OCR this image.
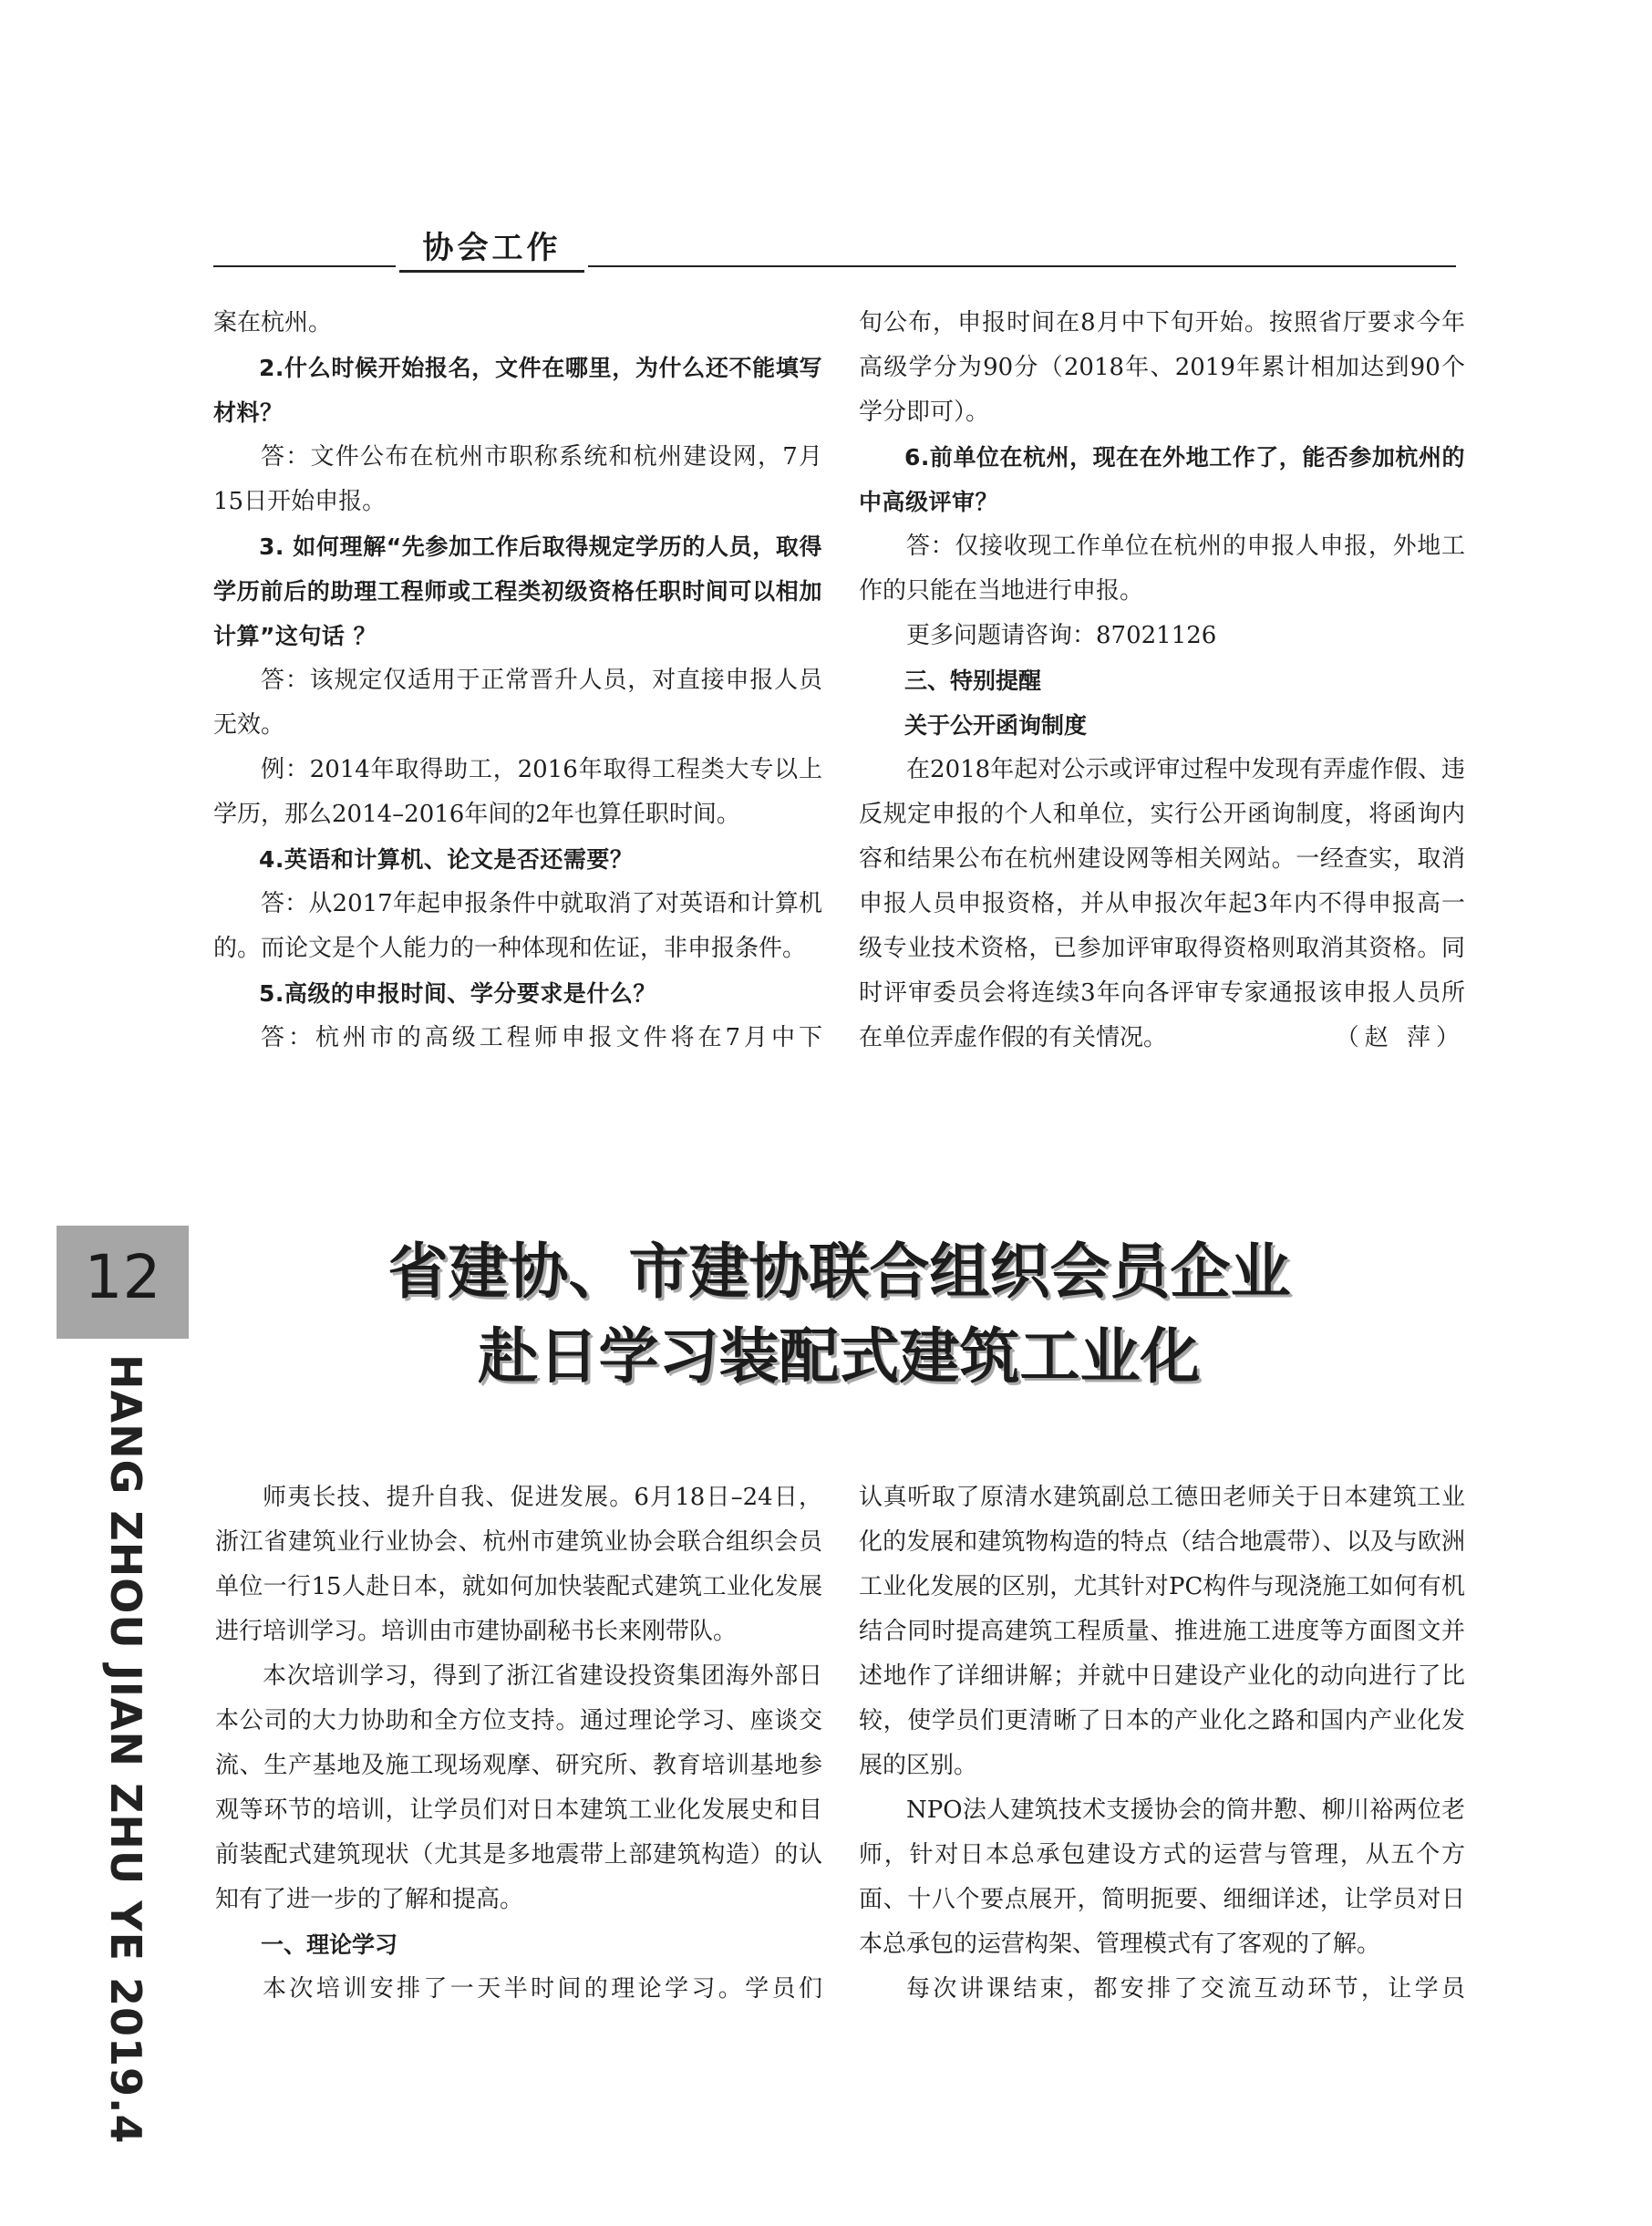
协会工作

案在杭州。

2.什么时候开始报名，文件在哪里，为什么还不能填写材料？

答：文件公布在杭州市职称系统和杭州建设网，7月15日开始申报。

3. 如何理解“先参加工作后取得规定学历的人员，取得学历前后的助理工程师或工程类初级资格任职时间可以相加计算”这句话 ？

答：该规定仅适用于正常晋升人员，对直接申报人员无效。

例：2014年取得助工，2016年取得工程类大专以上学历，那么2014–2016年间的2年也算任职时间。

4.英语和计算机、论文是否还需要？

答：从2017年起申报条件中就取消了对英语和计算机的。而论文是个人能力的一种体现和佐证，非申报条件。

5.高级的申报时间、学分要求是什么？

答：杭州市的高级工程师申报文件将在7月中下

旬公布，申报时间在8月中下旬开始。按照省厅要求今年高级学分为90分（2018年、2019年累计相加达到90个学分即可）。

6.前单位在杭州，现在在外地工作了，能否参加杭州的中高级评审？

答：仅接收现工作单位在杭州的申报人申报，外地工作的只能在当地进行申报。

更多问题请咨询：87021126

三、特别提醒

关于公开函询制度

在2018年起对公示或评审过程中发现有弄虚作假、违反规定申报的个人和单位，实行公开函询制度，将函询内容和结果公布在杭州建设网等相关网站。一经查实，取消申报人员申报资格，并从申报次年起3年内不得申报高一级专业技术资格，已参加评审取得资格则取消其资格。同时评审委员会将连续3年向各评审专家通报该申报人员所在单位弄虚作假的有关情况。	（赵 萍）

12
HANG ZHOU JIAN ZHU YE 2019.4
省建协、市建协联合组织会员企业
赴日学习装配式建筑工业化

师夷长技、提升自我、促进发展。6月18日–24日，浙江省建筑业行业协会、杭州市建筑业协会联合组织会员单位一行15人赴日本，就如何加快装配式建筑工业化发展进行培训学习。培训由市建协副秘书长来刚带队。

本次培训学习，得到了浙江省建设投资集团海外部日本公司的大力协助和全方位支持。通过理论学习、座谈交流、生产基地及施工现场观摩、研究所、教育培训基地参观等环节的培训，让学员们对日本建筑工业化发展史和目前装配式建筑现状（尤其是多地震带上部建筑构造）的认知有了进一步的了解和提高。

一、理论学习

本次培训安排了一天半时间的理论学习。学员们

认真听取了原清水建筑副总工德田老师关于日本建筑工业化的发展和建筑物构造的特点（结合地震带）、以及与欧洲工业化发展的区别，尤其针对PC构件与现浇施工如何有机结合同时提高建筑工程质量、推进施工进度等方面图文并述地作了详细讲解；并就中日建设产业化的动向进行了比较，使学员们更清晰了日本的产业化之路和国内产业化发展的区别。

NPO法人建筑技术支援协会的筒井懃、柳川裕两位老师，针对日本总承包建设方式的运营与管理，从五个方面、十八个要点展开，简明扼要、细细详述，让学员对日本总承包的运营构架、管理模式有了客观的了解。

每次讲课结束，都安排了交流互动环节，让学员
